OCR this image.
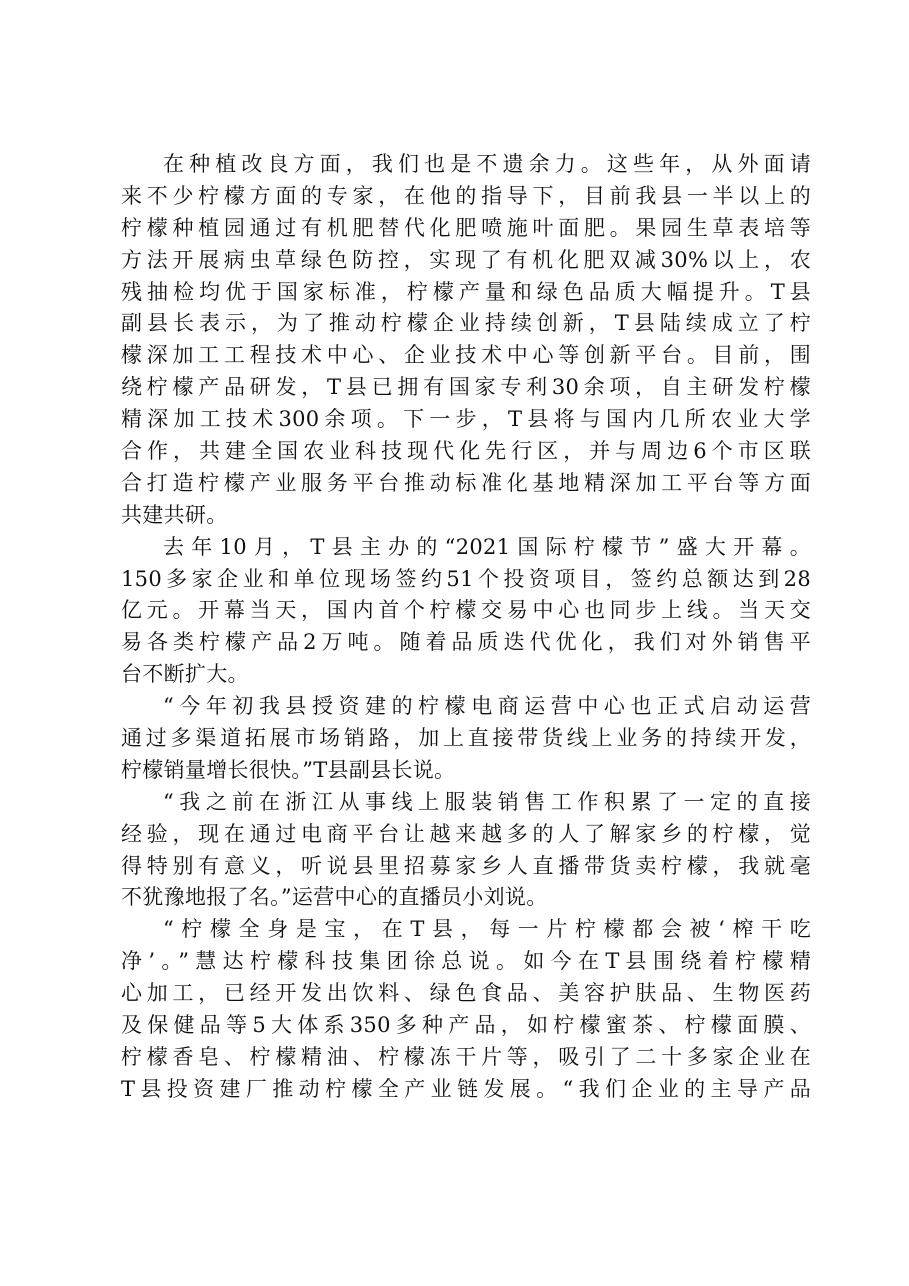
在种植改良方面，我们也是不遗余力。这些年，从外面请
来不少柠檬方面的专家，在他的指导下，目前我县一半以上的
柠檬种植园通过有机肥替代化肥喷施叶面肥。果园生草表培等
方法开展病虫草绿色防控，实现了有机化肥双减30%以上，农
残抽检均优于国家标准，柠檬产量和绿色品质大幅提升。T县
副县长表示，为了推动柠檬企业持续创新，T县陆续成立了柠
檬深加工工程技术中心、企业技术中心等创新平台。目前，围
绕柠檬产品研发，T县已拥有国家专利30余项，自主研发柠檬
精深加工技术300余项。下一步，T县将与国内几所农业大学
合作，共建全国农业科技现代化先行区，并与周边6个市区联
合打造柠檬产业服务平台推动标准化基地精深加工平台等方面
共建共研。
去年10月，T县主办的“2021国际柠檬节”盛大开幕。
150多家企业和单位现场签约51个投资项目，签约总额达到28
亿元。开幕当天，国内首个柠檬交易中心也同步上线。当天交
易各类柠檬产品2万吨。随着品质迭代优化，我们对外销售平
台不断扩大。
“今年初我县授资建的柠檬电商运营中心也正式启动运营
通过多渠道拓展市场销路，加上直接带货线上业务的持续开发，
柠檬销量增长很快。”T县副县长说。
“我之前在浙江从事线上服装销售工作积累了一定的直接
经验，现在通过电商平台让越来越多的人了解家乡的柠檬，觉
得特别有意义，听说县里招募家乡人直播带货卖柠檬，我就毫
不犹豫地报了名。”运营中心的直播员小刘说。
“柠檬全身是宝，在T县，每一片柠檬都会被‘榨干吃
净’。”慧达柠檬科技集团徐总说。如今在T县围绕着柠檬精
心加工，已经开发出饮料、绿色食品、美容护肤品、生物医药
及保健品等5大体系350多种产品，如柠檬蜜茶、柠檬面膜、
柠檬香皂、柠檬精油、柠檬冻干片等，吸引了二十多家企业在
T县投资建厂推动柠檬全产业链发展。“我们企业的主导产品
